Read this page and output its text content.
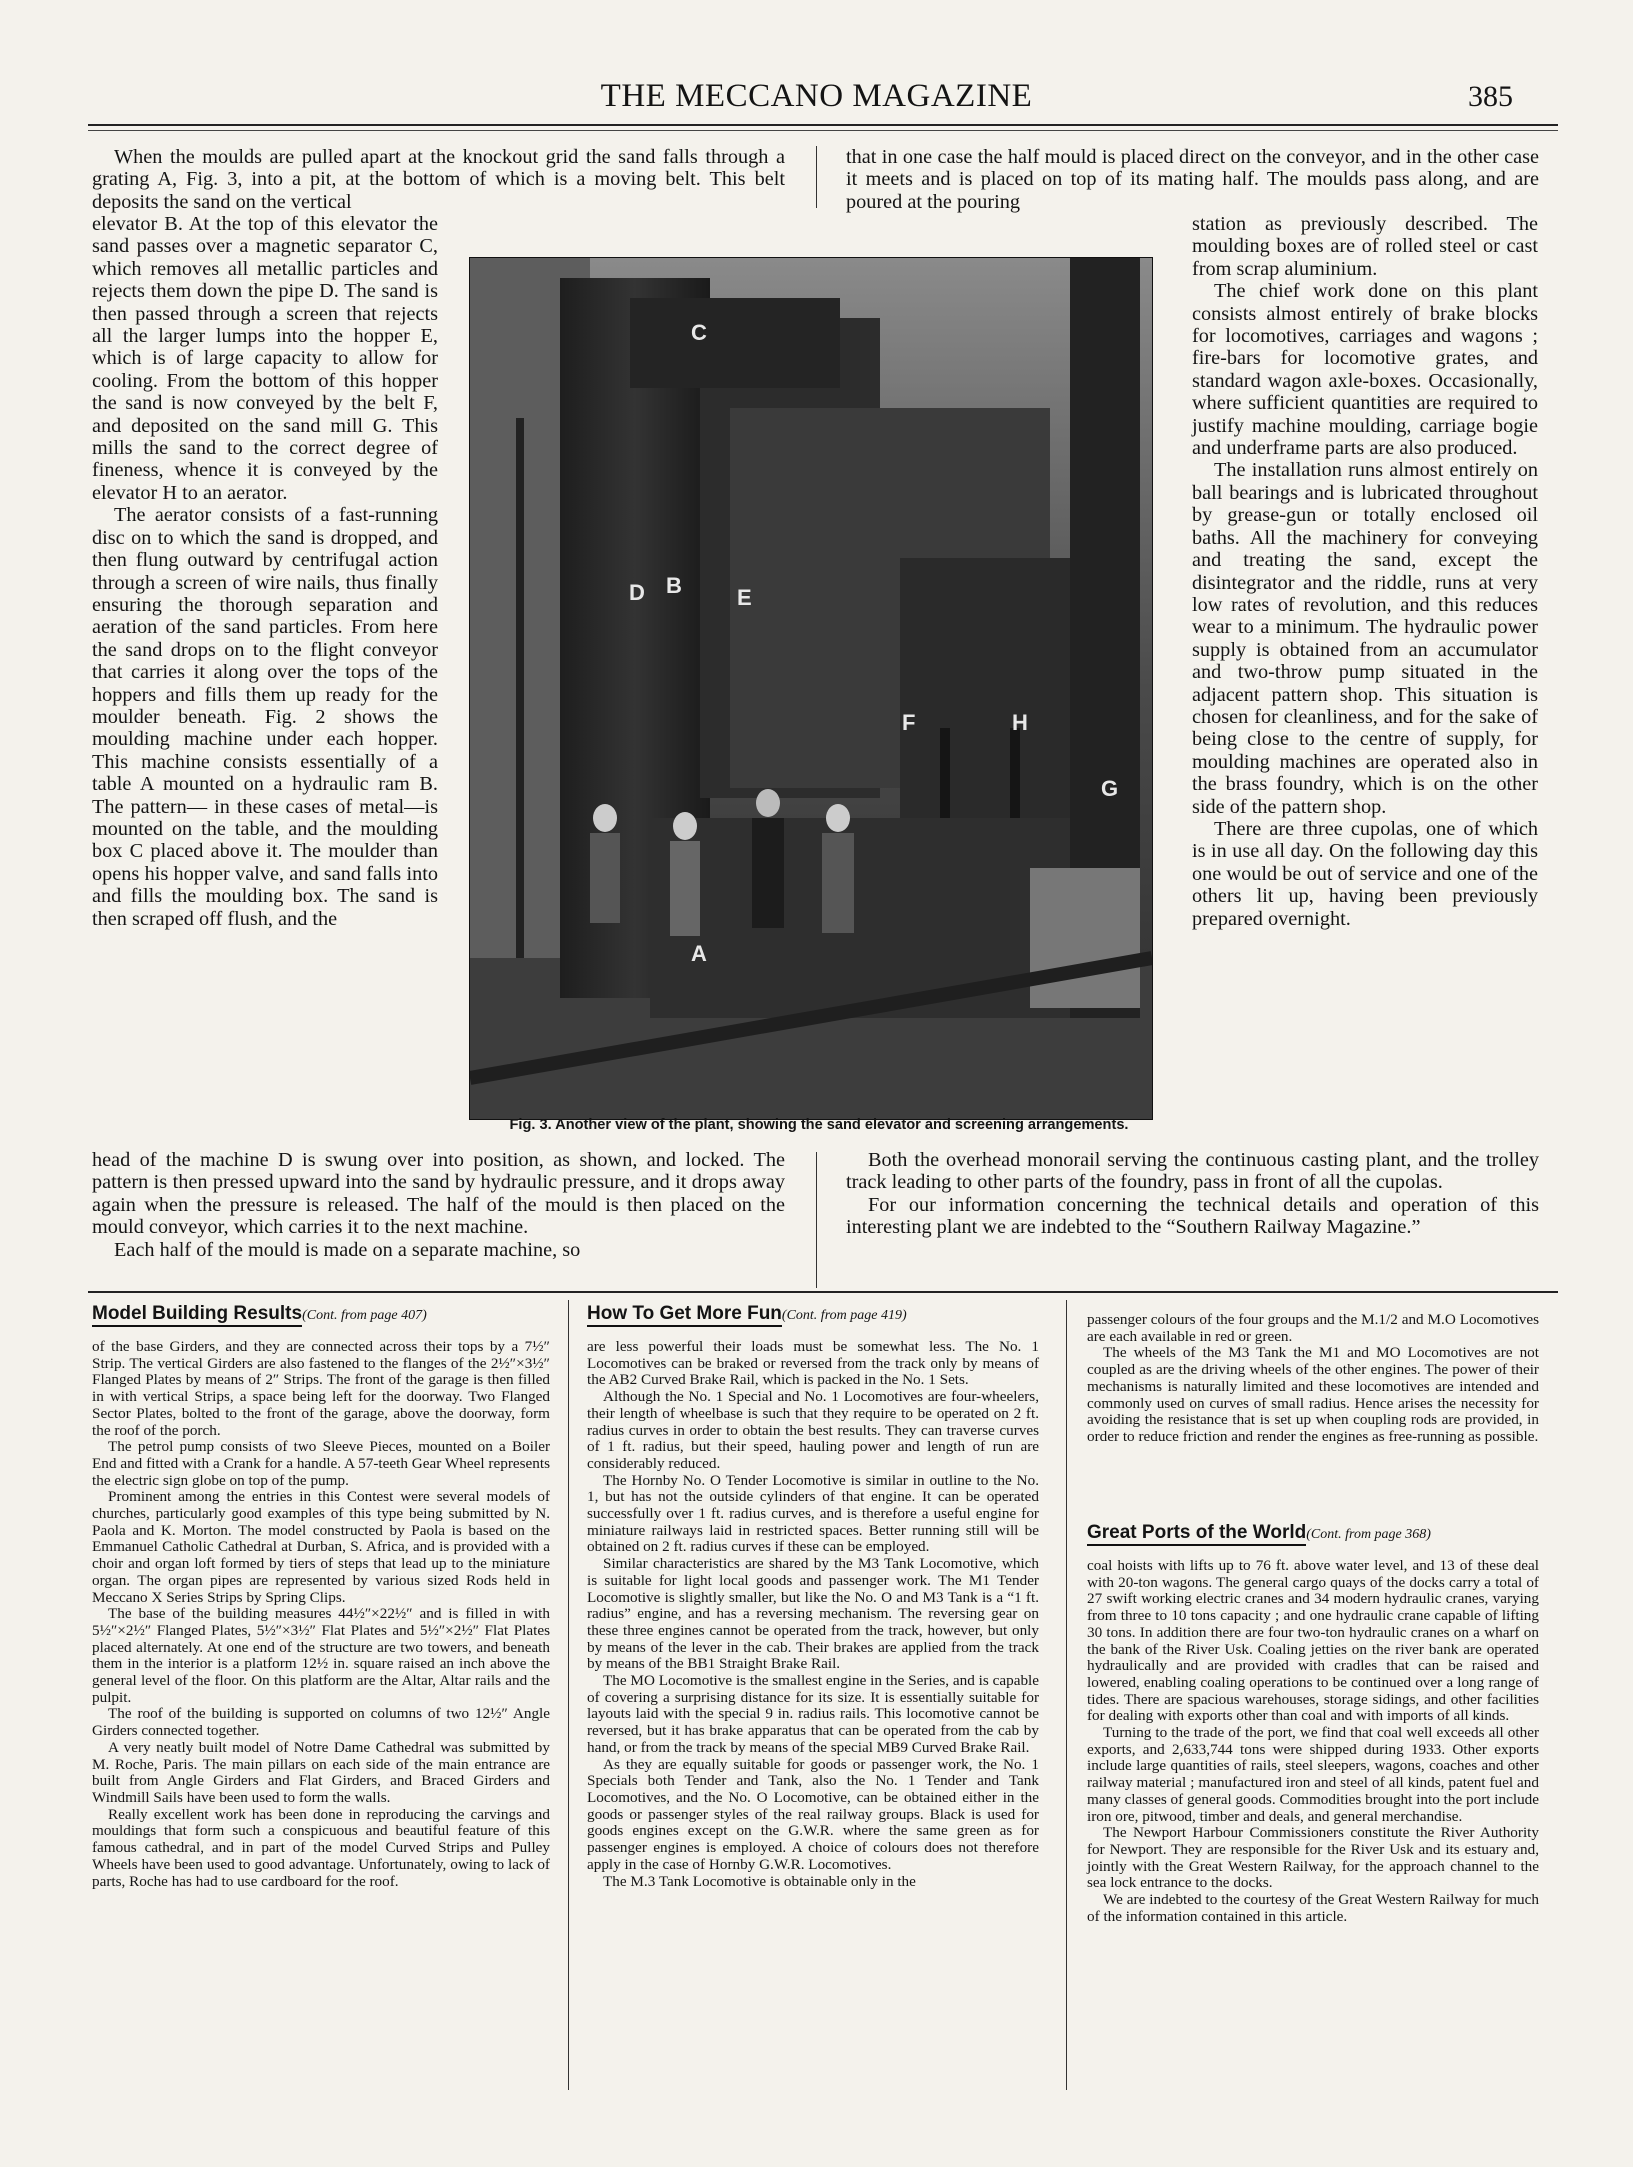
THE MECCANO MAGAZINE	385

When the moulds are pulled apart at the knockout grid the sand falls through a grating A, Fig. 3, into a pit, at the bottom of which is a moving belt. This belt deposits the sand on the vertical

that in one case the half mould is placed direct on the conveyor, and in the other case it meets and is placed on top of its mating half. The moulds pass along, and are poured at the pouring

elevator B. At the top of this elevator the sand passes over a magnetic separator C, which removes all metallic particles and rejects them down the pipe D. The sand is then passed through a screen that rejects all the larger lumps into the hopper E, which is of large capacity to allow for cooling. From the bottom of this hopper the sand is now conveyed by the belt F, and deposited on the sand mill G. This mills the sand to the correct degree of fineness, whence it is conveyed by the elevator H to an aerator.

The aerator consists of a fast-running disc on to which the sand is dropped, and then flung outward by centrifugal action through a screen of wire nails, thus finally ensuring the thorough separation and aeration of the sand particles. From here the sand drops on to the flight conveyor that carries it along over the tops of the hoppers and fills them up ready for the moulder beneath. Fig. 2 shows the moulding machine under each hopper. This machine consists essentially of a table A mounted on a hydraulic ram B. The pattern— in these cases of metal—is mounted on the table, and the moulding box C placed above it. The moulder than opens his hopper valve, and sand falls into and fills the moulding box. The sand is then scraped off flush, and the

C
D B	E
F	H
G
A
Fig. 3. Another view of the plant, showing the sand elevator and screening arrangements.

station as previously described. The moulding boxes are of rolled steel or cast from scrap aluminium.

The chief work done on this plant consists almost entirely of brake blocks for locomotives, carriages and wagons ; fire-bars for locomotive grates, and standard wagon axle-boxes. Occasionally, where sufficient quantities are required to justify machine moulding, carriage bogie and underframe parts are also produced.

The installation runs almost entirely on ball bearings and is lubricated throughout by grease-gun or totally enclosed oil baths. All the machinery for conveying and treating the sand, except the disintegrator and the riddle, runs at very low rates of revolution, and this reduces wear to a minimum. The hydraulic power supply is obtained from an accumulator and two-throw pump situated in the adjacent pattern shop. This situation is chosen for cleanliness, and for the sake of being close to the centre of supply, for moulding machines are operated also in the brass foundry, which is on the other side of the pattern shop.

There are three cupolas, one of which is in use all day. On the following day this one would be out of service and one of the others lit up, having been previously prepared overnight.

head of the machine D is swung over into position, as shown, and locked. The pattern is then pressed upward into the sand by hydraulic pressure, and it drops away again when the pressure is released. The half of the mould is then placed on the mould conveyor, which carries it to the next machine.

Each half of the mould is made on a separate machine, so

Both the overhead monorail serving the continuous casting plant, and the trolley track leading to other parts of the foundry, pass in front of all the cupolas.

For our information concerning the technical details and operation of this interesting plant we are indebted to the “Southern Railway Magazine.”

Model Building Results(Cont. from page 407)

of the base Girders, and they are connected across their tops by a 7½″ Strip. The vertical Girders are also fastened to the flanges of the 2½″×3½″ Flanged Plates by means of 2″ Strips. The front of the garage is then filled in with vertical Strips, a space being left for the doorway. Two Flanged Sector Plates, bolted to the front of the garage, above the doorway, form the roof of the porch.

The petrol pump consists of two Sleeve Pieces, mounted on a Boiler End and fitted with a Crank for a handle. A 57-teeth Gear Wheel represents the electric sign globe on top of the pump.

Prominent among the entries in this Contest were several models of churches, particularly good examples of this type being submitted by N. Paola and K. Morton. The model constructed by Paola is based on the Emmanuel Catholic Cathedral at Durban, S. Africa, and is provided with a choir and organ loft formed by tiers of steps that lead up to the miniature organ. The organ pipes are represented by various sized Rods held in Meccano X Series Strips by Spring Clips.

The base of the building measures 44½″×22½″ and is filled in with 5½″×2½″ Flanged Plates, 5½″×3½″ Flat Plates and 5½″×2½″ Flat Plates placed alternately. At one end of the structure are two towers, and beneath them in the interior is a platform 12½ in. square raised an inch above the general level of the floor. On this platform are the Altar, Altar rails and the pulpit.

The roof of the building is supported on columns of two 12½″ Angle Girders connected together.

A very neatly built model of Notre Dame Cathedral was submitted by M. Roche, Paris. The main pillars on each side of the main entrance are built from Angle Girders and Flat Girders, and Braced Girders and Windmill Sails have been used to form the walls.

Really excellent work has been done in reproducing the carvings and mouldings that form such a conspicuous and beautiful feature of this famous cathedral, and in part of the model Curved Strips and Pulley Wheels have been used to good advantage. Unfortunately, owing to lack of parts, Roche has had to use cardboard for the roof.

How To Get More Fun(Cont. from page 419)

are less powerful their loads must be somewhat less. The No. 1 Locomotives can be braked or reversed from the track only by means of the AB2 Curved Brake Rail, which is packed in the No. 1 Sets.

Although the No. 1 Special and No. 1 Locomotives are four-wheelers, their length of wheelbase is such that they require to be operated on 2 ft. radius curves in order to obtain the best results. They can traverse curves of 1 ft. radius, but their speed, hauling power and length of run are considerably reduced.

The Hornby No. O Tender Locomotive is similar in outline to the No. 1, but has not the outside cylinders of that engine. It can be operated successfully over 1 ft. radius curves, and is therefore a useful engine for miniature railways laid in restricted spaces. Better running still will be obtained on 2 ft. radius curves if these can be employed.

Similar characteristics are shared by the M3 Tank Locomotive, which is suitable for light local goods and passenger work. The M1 Tender Locomotive is slightly smaller, but like the No. O and M3 Tank is a “1 ft. radius” engine, and has a reversing mechanism. The reversing gear on these three engines cannot be operated from the track, however, but only by means of the lever in the cab. Their brakes are applied from the track by means of the BB1 Straight Brake Rail.

The MO Locomotive is the smallest engine in the Series, and is capable of covering a surprising distance for its size. It is essentially suitable for layouts laid with the special 9 in. radius rails. This locomotive cannot be reversed, but it has brake apparatus that can be operated from the cab by hand, or from the track by means of the special MB9 Curved Brake Rail.

As they are equally suitable for goods or passenger work, the No. 1 Specials both Tender and Tank, also the No. 1 Tender and Tank Locomotives, and the No. O Locomotive, can be obtained either in the goods or passenger styles of the real railway groups. Black is used for goods engines except on the G.W.R. where the same green as for passenger engines is employed. A choice of colours does not therefore apply in the case of Hornby G.W.R. Locomotives.

The M.3 Tank Locomotive is obtainable only in the

passenger colours of the four groups and the M.1/2 and M.O Locomotives are each available in red or green.

The wheels of the M3 Tank the M1 and MO Locomotives are not coupled as are the driving wheels of the other engines. The power of their mechanisms is naturally limited and these locomotives are intended and commonly used on curves of small radius. Hence arises the necessity for avoiding the resistance that is set up when coupling rods are provided, in order to reduce friction and render the engines as free-running as possible.

Great Ports of the World(Cont. from page 368)

coal hoists with lifts up to 76 ft. above water level, and 13 of these deal with 20-ton wagons. The general cargo quays of the docks carry a total of 27 swift working electric cranes and 34 modern hydraulic cranes, varying from three to 10 tons capacity ; and one hydraulic crane capable of lifting 30 tons. In addition there are four two-ton hydraulic cranes on a wharf on the bank of the River Usk. Coaling jetties on the river bank are operated hydraulically and are provided with cradles that can be raised and lowered, enabling coaling operations to be continued over a long range of tides. There are spacious warehouses, storage sidings, and other facilities for dealing with exports other than coal and with imports of all kinds.

Turning to the trade of the port, we find that coal well exceeds all other exports, and 2,633,744 tons were shipped during 1933. Other exports include large quantities of rails, steel sleepers, wagons, coaches and other railway material ; manufactured iron and steel of all kinds, patent fuel and many classes of general goods. Commodities brought into the port include iron ore, pitwood, timber and deals, and general merchandise.

The Newport Harbour Commissioners constitute the River Authority for Newport. They are responsible for the River Usk and its estuary and, jointly with the Great Western Railway, for the approach channel to the sea lock entrance to the docks.

We are indebted to the courtesy of the Great Western Railway for much of the information contained in this article.
